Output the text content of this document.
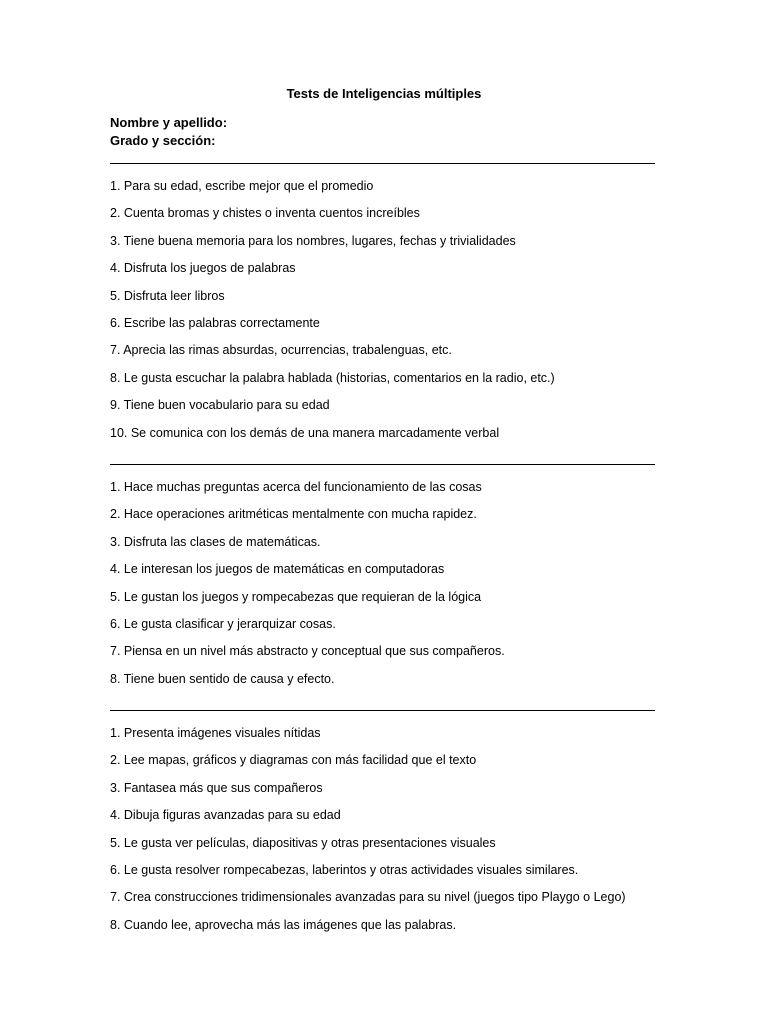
Tests de Inteligencias múltiples
Nombre y apellido:
Grado y sección:
1. Para su edad, escribe mejor que el promedio
2. Cuenta bromas y chistes o inventa cuentos increíbles
3. Tiene buena memoria para los nombres, lugares, fechas y trivialidades
4. Disfruta los juegos de palabras
5. Disfruta leer libros
6. Escribe las palabras correctamente
7. Aprecia las rimas absurdas, ocurrencias, trabalenguas, etc.
8. Le gusta escuchar la palabra hablada (historias, comentarios en la radio, etc.)
9. Tiene buen vocabulario para su edad
10. Se comunica con los demás de una manera marcadamente verbal
1. Hace muchas preguntas acerca del funcionamiento de las cosas
2. Hace operaciones aritméticas mentalmente con mucha rapidez.
3. Disfruta las clases de matemáticas.
4. Le interesan los juegos de matemáticas en computadoras
5. Le gustan los juegos y rompecabezas que requieran de la lógica
6. Le gusta clasificar y jerarquizar cosas.
7. Piensa en un nivel más abstracto y conceptual que sus compañeros.
8. Tiene buen sentido de causa y efecto.
1. Presenta imágenes visuales nítidas
2. Lee mapas, gráficos y diagramas con más facilidad que el texto
3. Fantasea más que sus compañeros
4. Dibuja figuras avanzadas para su edad
5. Le gusta ver películas, diapositivas y otras presentaciones visuales
6. Le gusta resolver rompecabezas, laberintos y otras actividades visuales similares.
7. Crea construcciones tridimensionales avanzadas para su nivel (juegos tipo Playgo o Lego)
8. Cuando lee, aprovecha más las imágenes que las palabras.
